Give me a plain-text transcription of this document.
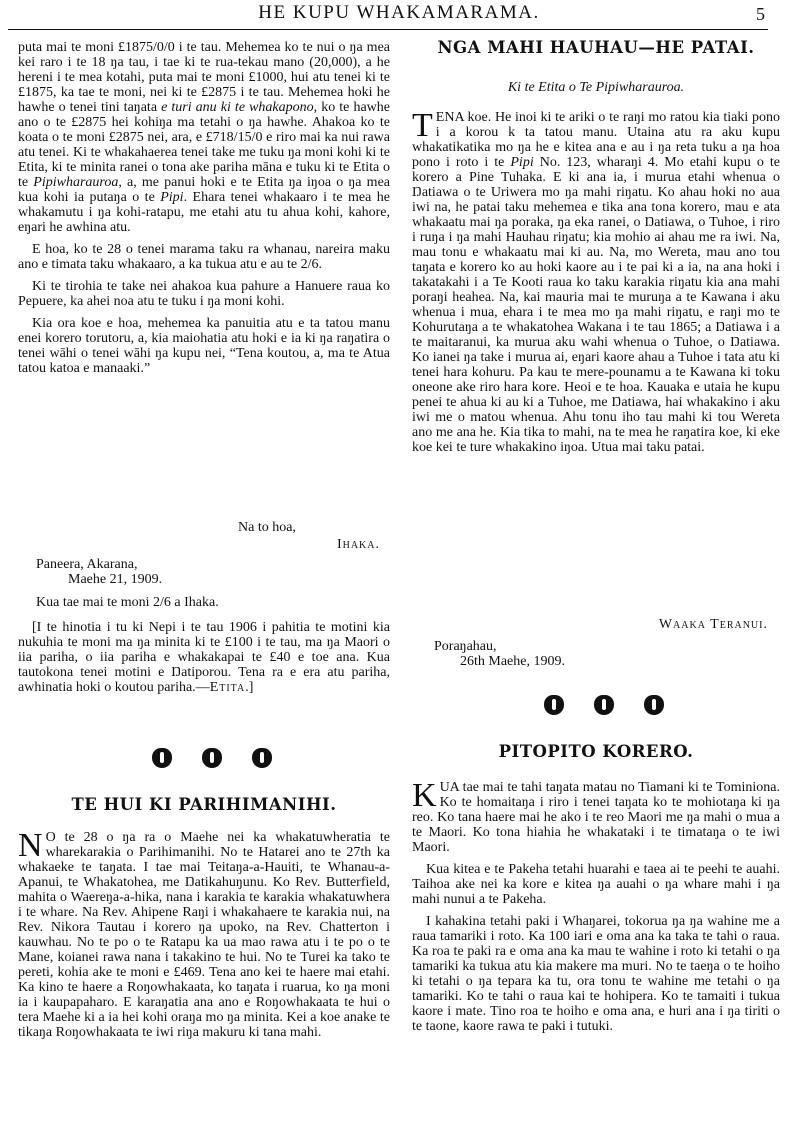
HE KUPU WHAKAMARAMA.	5

puta mai te moni £1875/0/0 i te tau. Mehemea ko te nui o ŋa mea kei raro i te 18 ŋa tau, i tae ki te rua-tekau mano (20,000), a he hereni i te mea kotahi, puta mai te moni £1000, hui atu tenei ki te £1875, ka tae te moni, nei ki te £2875 i te tau. Mehemea hoki he hawhe o tenei tini taŋata e turi anu ki te whakapono, ko te hawhe ano o te £2875 hei kohiŋa ma tetahi o ŋa hawhe. Ahakoa ko te koata o te moni £2875 nei, ara, e £718/15/0 e riro mai ka nui rawa atu tenei. Ki te whakahaerea tenei take me tuku ŋa moni kohi ki te Etita, ki te minita ranei o tona ake pariha māna e tuku ki te Etita o te Pipiwharauroa, a, me panui hoki e te Etita ŋa iŋoa o ŋa mea kua kohi ia putaŋa o te Pipi. Ehara tenei whakaaro i te mea he whakamutu i ŋa kohi-ratapu, me etahi atu tu ahua kohi, kahore, eŋari he awhina atu.

E hoa, ko te 28 o tenei marama taku ra whanau, nareira maku ano e timata taku whakaaro, a ka tukua atu e au te 2/6.

Ki te tirohia te take nei ahakoa kua pahure a Hanuere raua ko Pepuere, ka ahei noa atu te tuku i ŋa moni kohi.

Kia ora koe e hoa, mehemea ka panuitia atu e ta tatou manu enei korero torutoru, a, kia maiohatia atu hoki e ia ki ŋa raŋatira o tenei wāhi o tenei wāhi ŋa kupu nei, “Tena koutou, a, ma te Atua tatou katoa e manaaki.”

Na to hoa,
Ihaka.
Paneera, Akarana,
Maehe 21, 1909.
Kua tae mai te moni 2/6 a Ihaka.

[I te hinotia i tu ki Nepi i te tau 1906 i pahitia te motini kia nukuhia te moni ma ŋa minita ki te £100 i te tau, ma ŋa Maori o iia pariha, o iia pariha e whakakapai te £40 e toe ana. Kua tautokona tenei motini e Ŋatiporou. Tena ra e era atu pariha, awhinatia hoki o koutou pariha.—Etita.]

TE HUI KI PARIHIMANIHI.

N O te 28 o ŋa ra o Maehe nei ka whakatuwheratia te wharekarakia o Parihimanihi. No te Hatarei ano te 27th ka whakaeke te taŋata. I tae mai Teitaŋa-a-Hauiti, te Whanau-a-Apanui, te Whakatohea, me Ŋatikahuŋunu. Ko Rev. Butterfield, mahita o Waereŋa-a-hika, nana i karakia te karakia whakatuwhera i te whare. Na Rev. Ahipene Raŋi i whakahaere te karakia nui, na Rev. Nikora Tautau i korero ŋa upoko, na Rev. Chatterton i kauwhau. No te po o te Ratapu ka ua mao rawa atu i te po o te Mane, koianei rawa nana i takakino te hui. No te Turei ka tako te pereti, kohia ake te moni e £469. Tena ano kei te haere mai etahi. Ka kino te haere a Roŋowhakaata, ko taŋata i ruarua, ko ŋa moni ia i kaupapaharo. E karaŋatia ana ano e Roŋowhakaata te hui o tera Maehe ki a ia hei kohi oraŋa mo ŋa minita. Kei a koe anake te tikaŋa Roŋowhakaata te iwi riŋa makuru ki tana mahi.

NGA MAHI HAUHAU—HE PATAI.
Ki te Etita o Te Pipiwharauroa.

TENA koe. He inoi ki te ariki o te raŋi mo ratou kia tiaki pono i a korou k ta tatou manu. Utaina atu ra aku kupu whakatikatika mo ŋa he e kitea ana e au i ŋa reta tuku a ŋa hoa pono i roto i te Pipi No. 123, wharaŋi 4. Mo etahi kupu o te korero a Pine Tuhaka. E ki ana ia, i murua etahi whenua o Ŋatiawa o te Uriwera mo ŋa mahi riŋatu. Ko ahau hoki no aua iwi na, he patai taku mehemea e tika ana tona korero, mau e ata whakaatu mai ŋa poraka, ŋa eka ranei, o Ŋatiawa, o Tuhoe, i riro i ruŋa i ŋa mahi Hauhau riŋatu; kia mohio ai ahau me ra iwi. Na, mau tonu e whakaatu mai ki au. Na, mo Wereta, mau ano tou taŋata e korero ko au hoki kaore au i te pai ki a ia, na ana hoki i takatakahi i a Te Kooti raua ko taku karakia riŋatu kia ana mahi poraŋi heahea. Na, kai mauria mai te muruŋa a te Kawana i aku whenua i mua, ehara i te mea mo ŋa mahi riŋatu, e raŋi mo te Kohurutaŋa a te whakatohea Wakana i te tau 1865; a Ŋatiawa i a te maitaranui, ka murua aku wahi whenua o Tuhoe, o Ŋatiawa. Ko ianei ŋa take i murua ai, eŋari kaore ahau a Tuhoe i tata atu ki tenei hara kohuru. Pa kau te mere-pounamu a te Kawana ki toku oneone ake riro hara kore. Heoi e te hoa. Kauaka e utaia he kupu penei te ahua ki au ki a Tuhoe, me Ŋatiawa, hai whakakino i aku iwi me o matou whenua. Ahu tonu iho tau mahi ki tou Wereta ano me ana he. Kia tika to mahi, na te mea he raŋatira koe, ki eke koe kei te ture whakakino iŋoa. Utua mai taku patai.

Waaka Teranui.
Poraŋahau,
26th Maehe, 1909.
PITOPITO KORERO.

KUA tae mai te tahi taŋata matau no Tiamani ki te Tominiona. Ko te homaitaŋa i riro i tenei taŋata ko te mohiotaŋa ki ŋa reo. Ko tana haere mai he ako i te reo Maori me ŋa mahi o mua a te Maori. Ko tona hiahia he whakataki i te timataŋa o te iwi Maori.

Kua kitea e te Pakeha tetahi huarahi e taea ai te peehi te auahi. Taihoa ake nei ka kore e kitea ŋa auahi o ŋa whare mahi i ŋa mahi nunui a te Pakeha.

I kahakina tetahi paki i Whaŋarei, tokorua ŋa ŋa wahine me a raua tamariki i roto. Ka 100 iari e oma ana ka taka te tahi o raua. Ka roa te paki ra e oma ana ka mau te wahine i roto ki tetahi o ŋa tamariki ka tukua atu kia makere ma muri. No te taeŋa o te hoiho ki tetahi o ŋa tepara ka tu, ora tonu te wahine me tetahi o ŋa tamariki. Ko te tahi o raua kai te hohipera. Ko te tamaiti i tukua kaore i mate. Tino roa te hoiho e oma ana, e huri ana i ŋa tiriti o te taone, kaore rawa te paki i tutuki.
